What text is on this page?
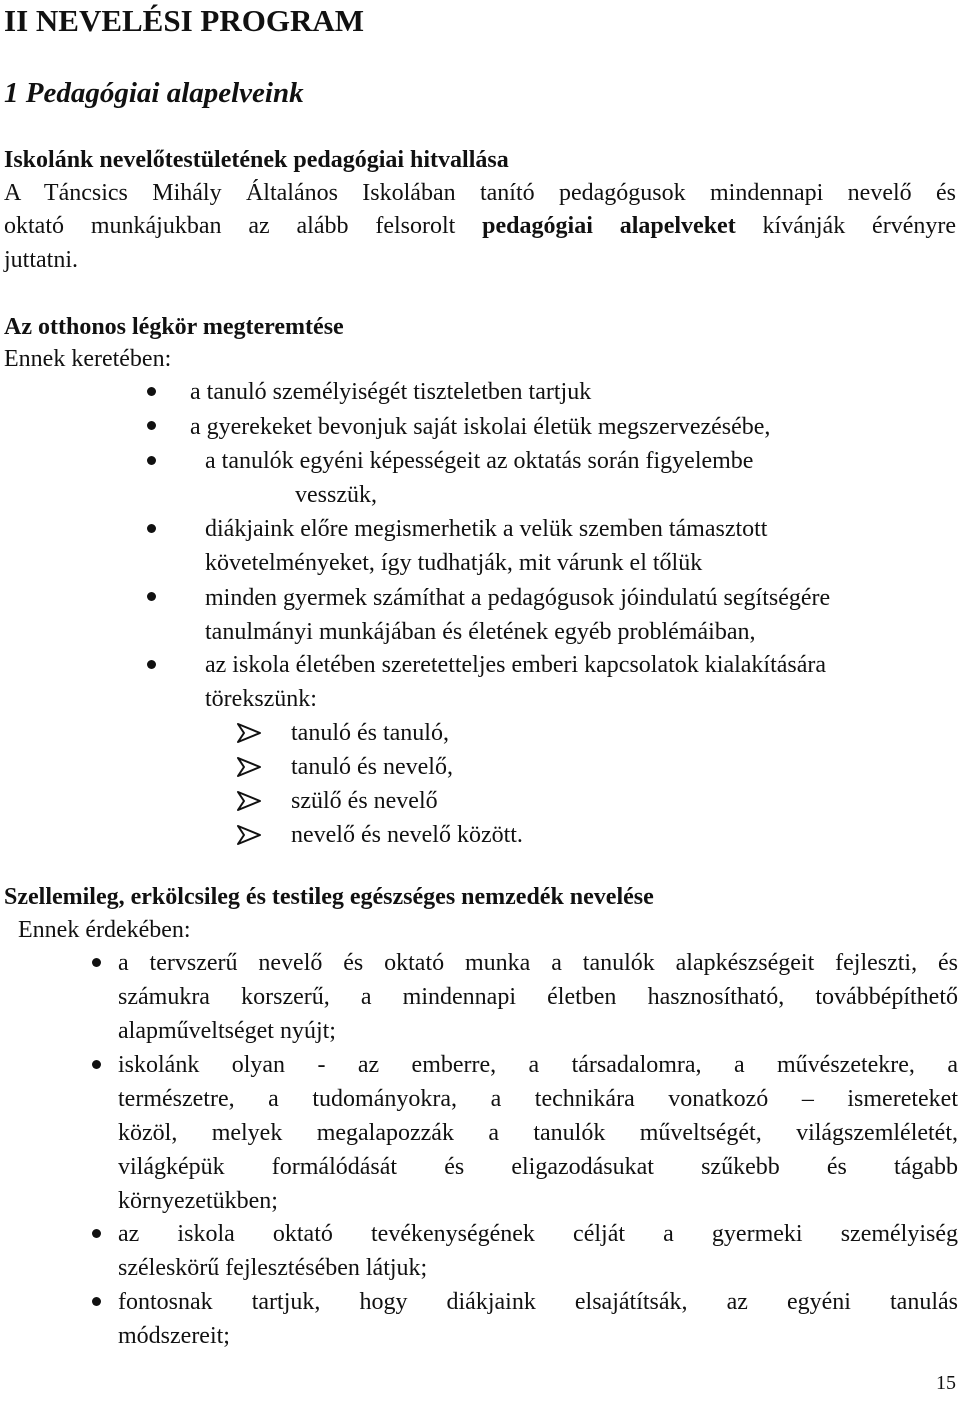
II NEVELÉSI PROGRAM
1 Pedagógiai alapelveink
Iskolánk nevelőtestületének pedagógiai hitvallása
A Táncsics Mihály Általános Iskolában tanító pedagógusok mindennapi nevelő és
oktató munkájukban az alább felsorolt pedagógiai alapelveket kívánják érvényre
juttatni.
Az otthonos légkör megteremtése
Ennek keretében:
a tanuló személyiségét tiszteletben tartjuk
a gyerekeket bevonjuk saját iskolai életük megszervezésébe,
a tanulók egyéni képességeit az oktatás során figyelembe
vesszük,
diákjaink előre megismerhetik a velük szemben támasztott
követelményeket, így tudhatják, mit várunk el tőlük
minden gyermek számíthat a pedagógusok jóindulatú segítségére
tanulmányi munkájában és életének egyéb problémáiban,
az iskola életében szeretetteljes emberi kapcsolatok kialakítására
törekszünk:
tanuló és tanuló,
tanuló és nevelő,
szülő és nevelő
nevelő és nevelő között.
Szellemileg, erkölcsileg és testileg egészséges nemzedék nevelése
Ennek érdekében:
a tervszerű nevelő és oktató munka a tanulók alapkészségeit fejleszti, és
számukra korszerű, a mindennapi életben hasznosítható, továbbépíthető
alapműveltséget nyújt;
iskolánk olyan - az emberre, a társadalomra, a művészetekre, a
természetre, a tudományokra, a technikára vonatkozó – ismereteket
közöl, melyek megalapozzák a tanulók műveltségét, világszemléletét,
világképük formálódását és eligazodásukat szűkebb és tágabb
környezetükben;
az iskola oktató tevékenységének célját a gyermeki személyiség
széleskörű fejlesztésében látjuk;
fontosnak tartjuk, hogy diákjaink elsajátítsák, az egyéni tanulás
módszereit;
15
